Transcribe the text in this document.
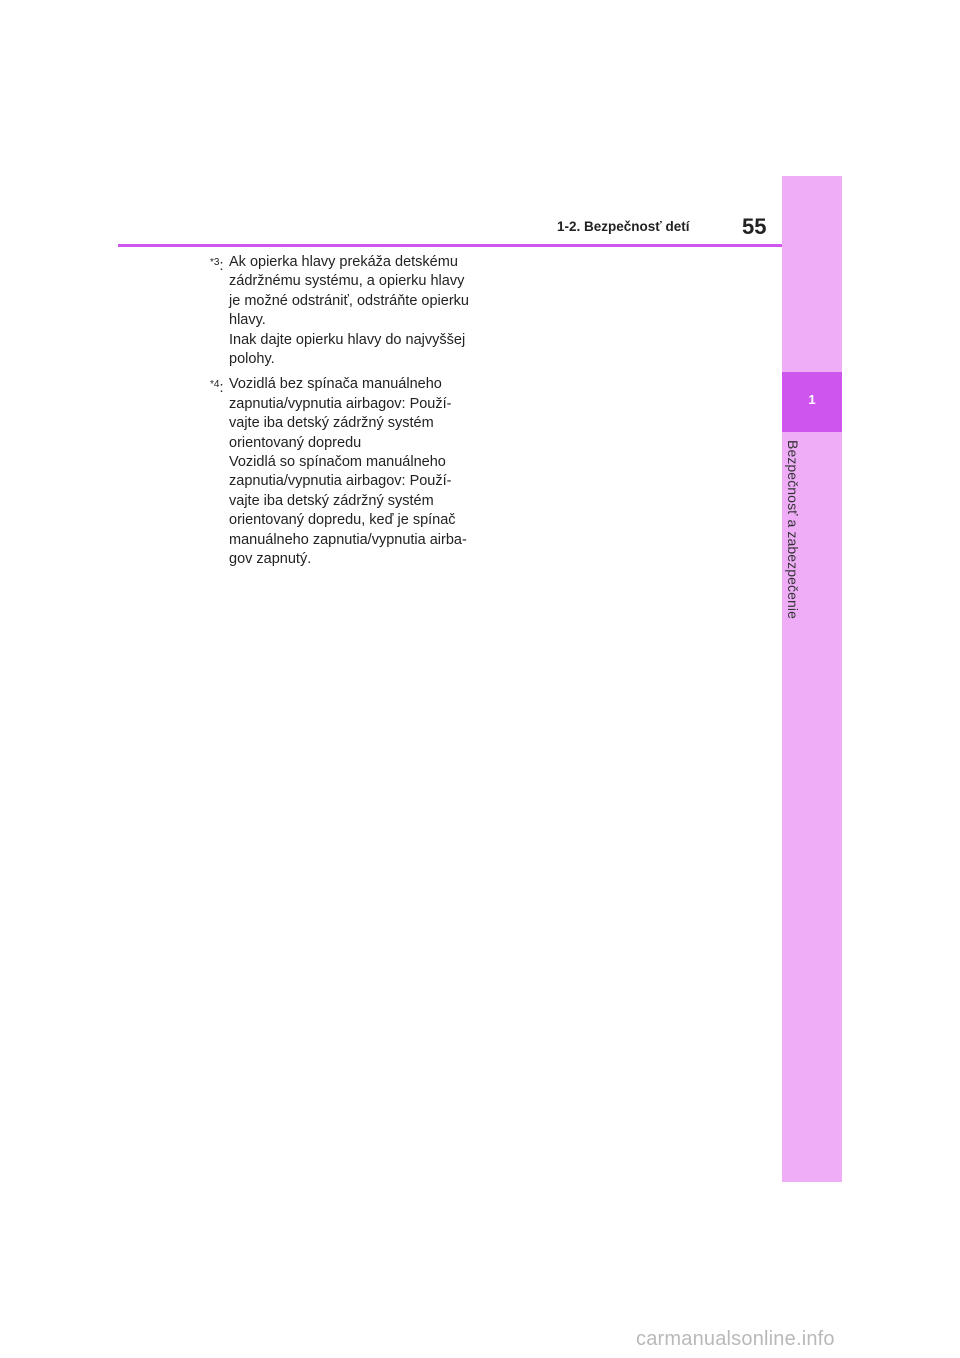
1
Bezpečnosť a zabezpečenie
1-2. Bezpečnosť detí 55
$^{*3}$: Ak opierka hlavy prekáža detskému
zádržnému systému, a opierku hlavy
je možné odstrániť, odstráňte opierku
hlavy.
Inak dajte opierku hlavy do najvyššej
polohy.
$^{*4}$: Vozidlá bez spínača manuálneho
zapnutia/vypnutia airbagov: Použí-
vajte iba detský zádržný systém
orientovaný dopredu
Vozidlá so spínačom manuálneho
zapnutia/vypnutia airbagov: Použí-
vajte iba detský zádržný systém
orientovaný dopredu, keď je spínač
manuálneho zapnutia/vypnutia airba-
gov zapnutý.
carmanualsonline.info
